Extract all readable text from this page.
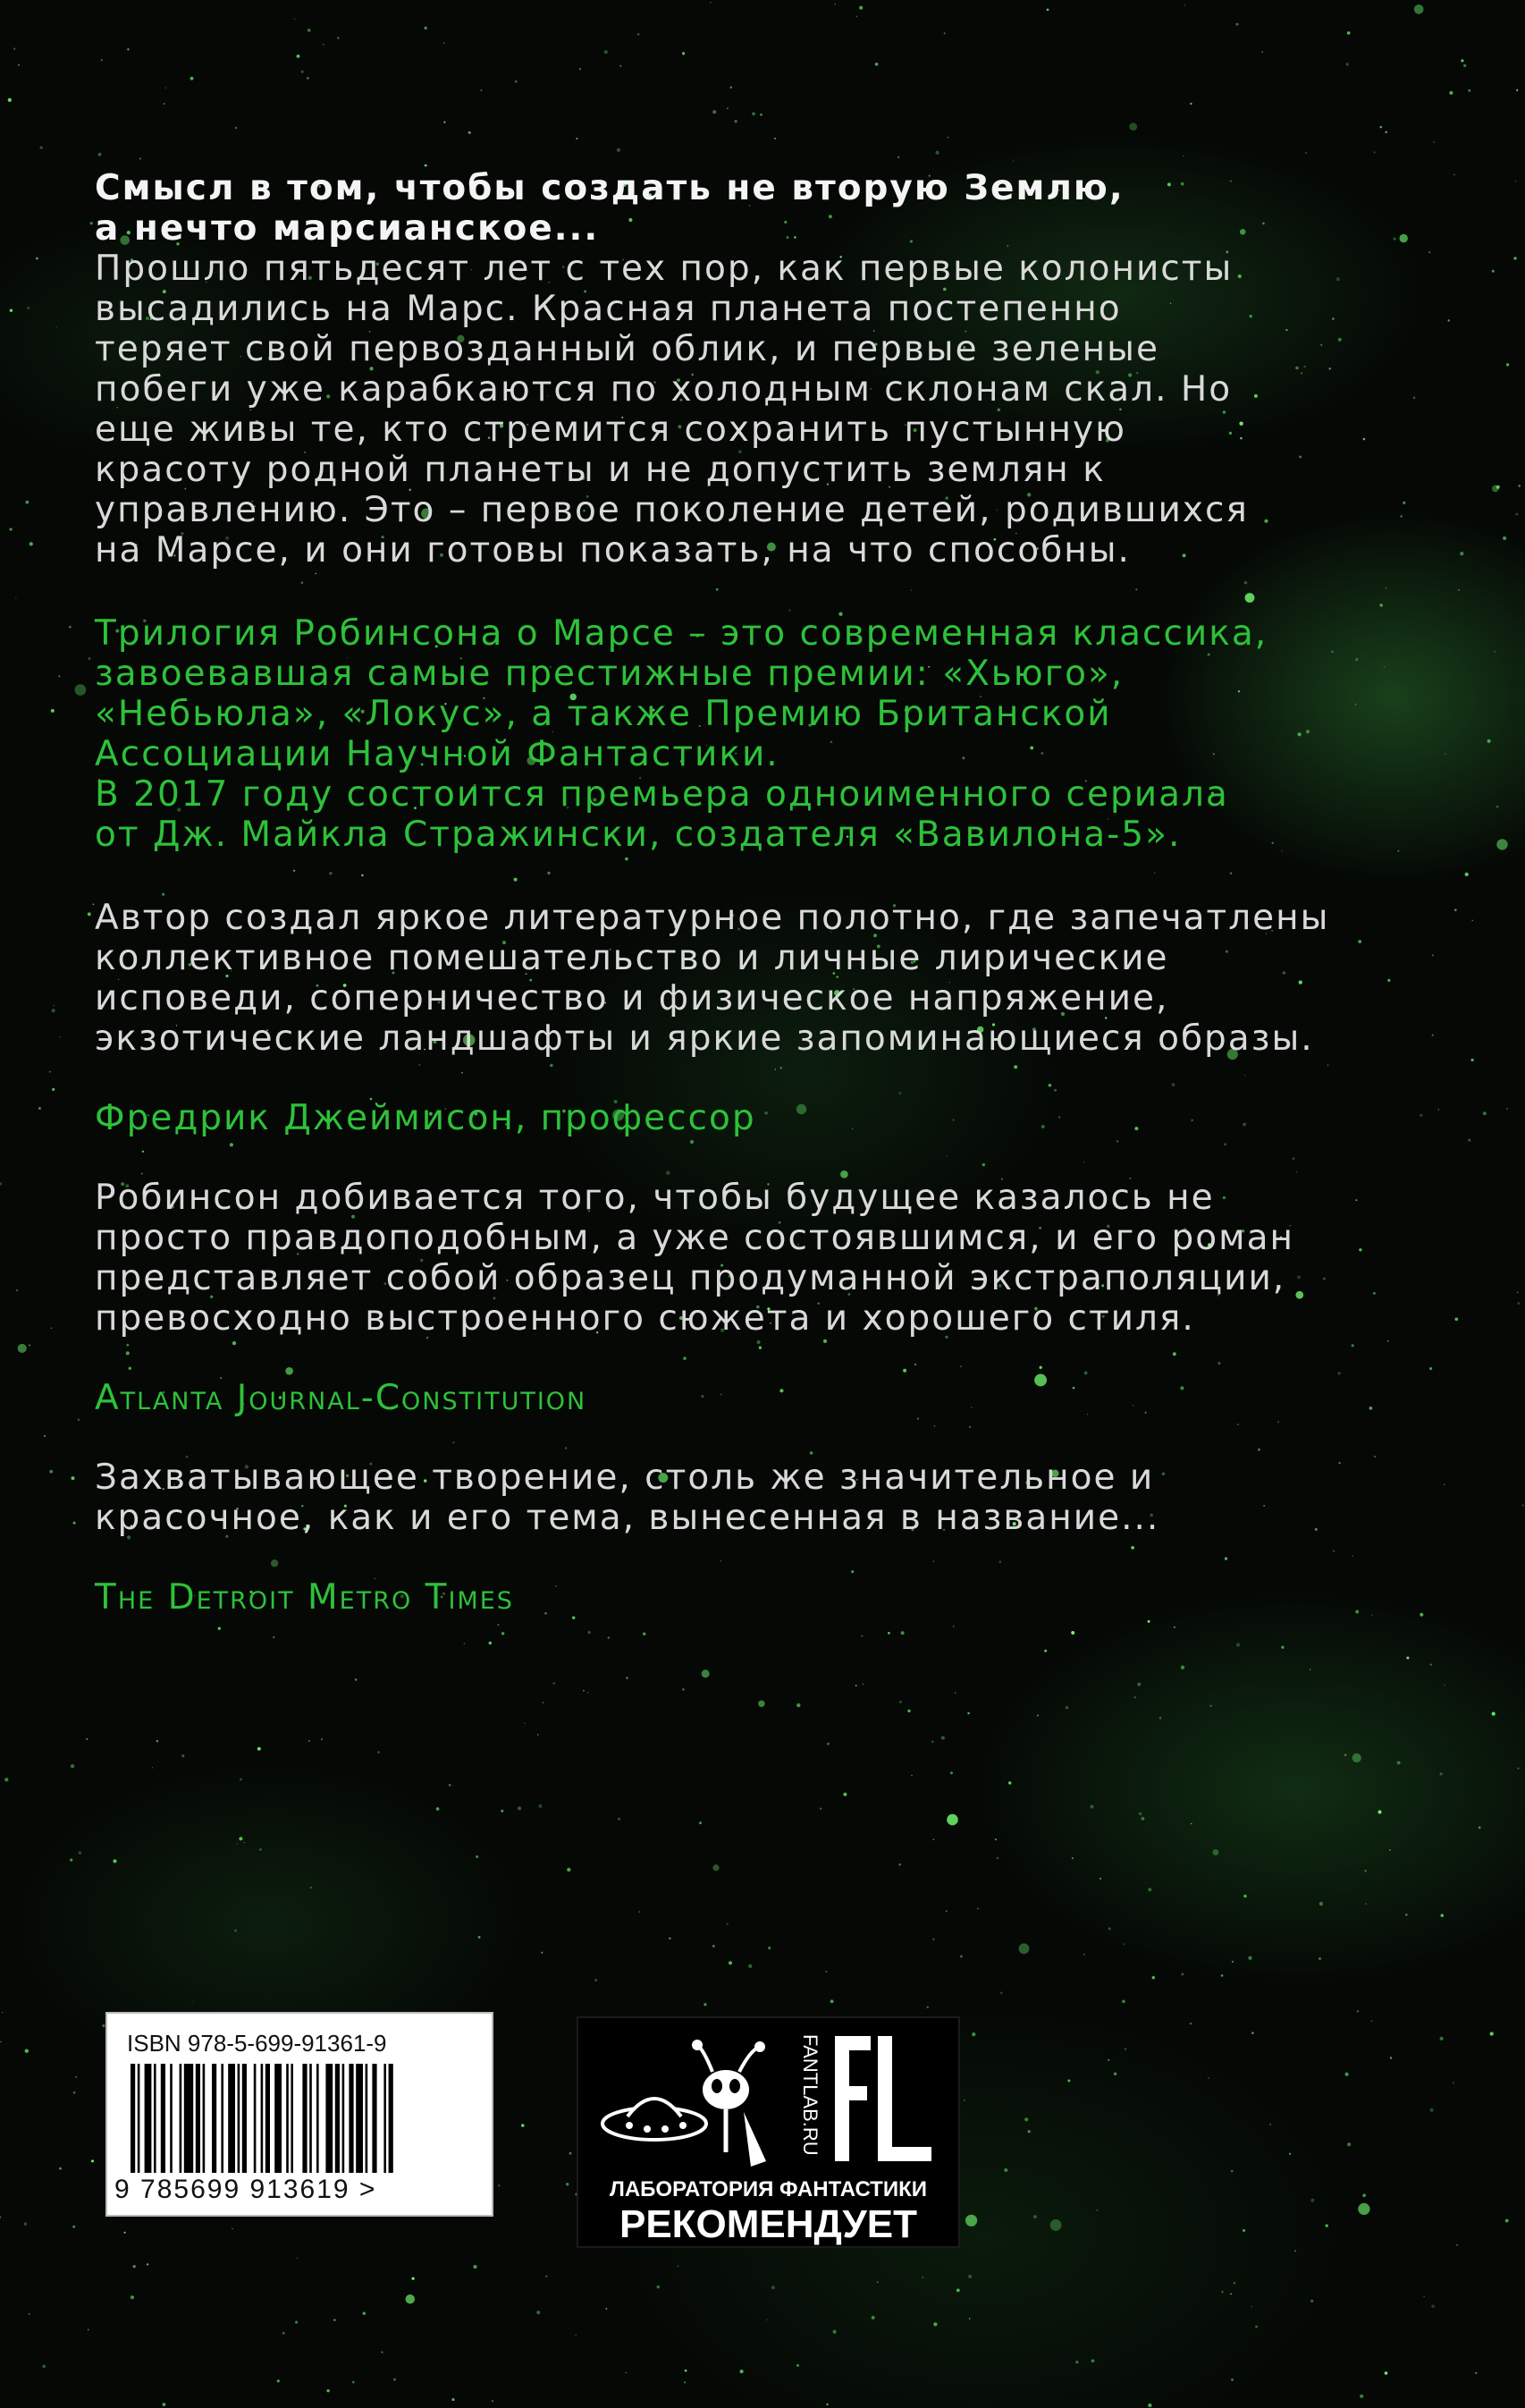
Смысл в том, чтобы создать не вторую Землю,

а нечто марсианское...

Прошло пятьдесят лет с тех пор, как первые колонисты

высадились на Марс. Красная планета постепенно

теряет свой первозданный облик, и первые зеленые

побеги уже карабкаются по холодным склонам скал. Но

еще живы те, кто стремится сохранить пустынную

красоту родной планеты и не допустить землян к

управлению. Это – первое поколение детей, родившихся

на Марсе, и они готовы показать, на что способны.

Трилогия Робинсона о Марсе – это современная классика,

завоевавшая самые престижные премии: «Хьюго»,

«Небьюла», «Локус», а также Премию Британской

Ассоциации Научной Фантастики.

В 2017 году состоится премьера одноименного сериала

от Дж. Майкла Стражински, создателя «Вавилона-5».

Автор создал яркое литературное полотно, где запечатлены

коллективное помешательство и личные лирические

исповеди, соперничество и физическое напряжение,

экзотические ландшафты и яркие запоминающиеся образы.

Фредрик Джеймисон, профессор

Робинсон добивается того, чтобы будущее казалось не

просто правдоподобным, а уже состоявшимся, и его роман

представляет собой образец продуманной экстраполяции,

превосходно выстроенного сюжета и хорошего стиля.

Atlanta Journal-Constitution

Захватывающее творение, столь же значительное и

красочное, как и его тема, вынесенная в название...

The Detroit Metro Times

ISBN 978-5-699-91361-9
9 785699 913619 >
FANTLAB.RU
ЛАБОРАТОРИЯ ФАНТАСТИКИ
РЕКОМЕНДУЕТ
